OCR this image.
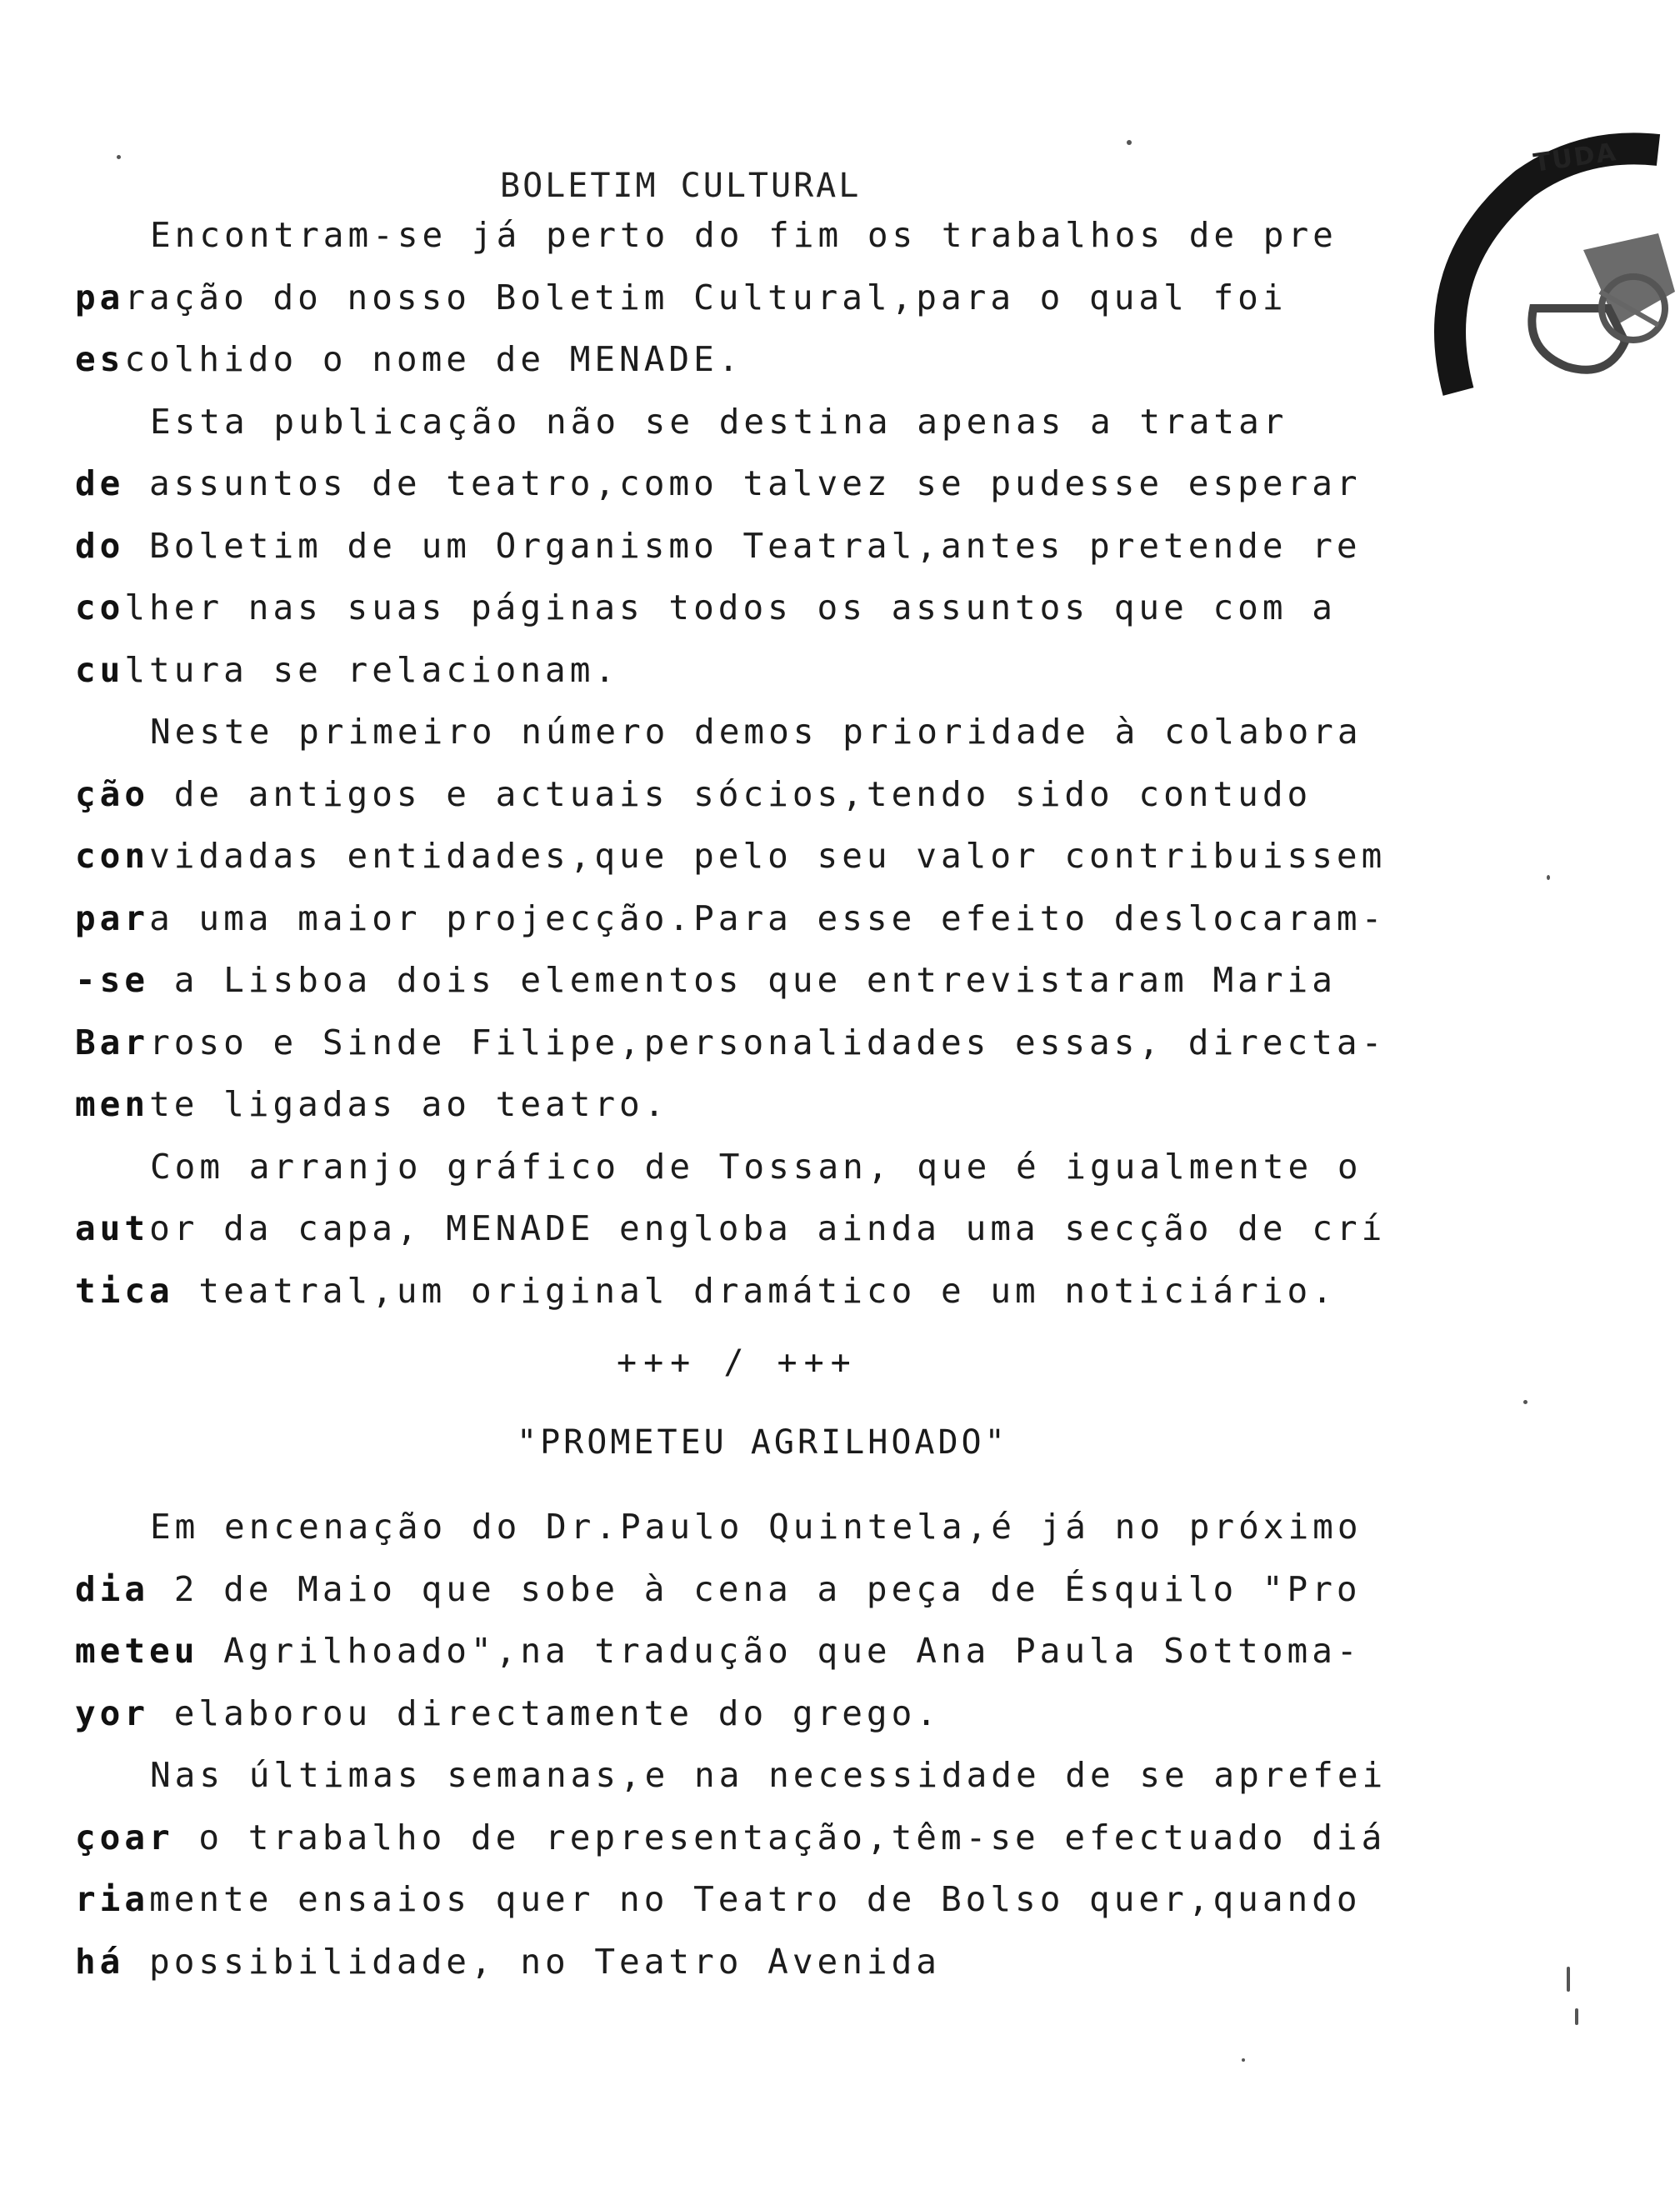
TUDA
BOLETIM CULTURAL
Encontram-se já perto do fim os trabalhos de pre
paração do nosso Boletim Cultural,para o qual foi
escolhido o nome de MENADE.
Esta publicação não se destina apenas a tratar
de assuntos de teatro,como talvez se pudesse esperar
do Boletim de um Organismo Teatral,antes pretende re
colher nas suas páginas todos os assuntos que com a
cultura se relacionam.
Neste primeiro número demos prioridade à colabora
ção de antigos e actuais sócios,tendo sido contudo
convidadas entidades,que pelo seu valor contribuissem
para uma maior projecção.Para esse efeito deslocaram-
-se a Lisboa dois elementos que entrevistaram Maria
Barroso e Sinde Filipe,personalidades essas, directa-
mente ligadas ao teatro.
Com arranjo gráfico de Tossan, que é igualmente o
autor da capa, MENADE engloba ainda uma secção de crí
tica teatral,um original dramático e um noticiário.
+++ / +++
"PROMETEU AGRILHOADO"
Em encenação do Dr.Paulo Quintela,é já no próximo
dia 2 de Maio que sobe à cena a peça de Ésquilo "Pro
meteu Agrilhoado",na tradução que Ana Paula Sottoma-
yor elaborou directamente do grego.
Nas últimas semanas,e na necessidade de se aprefei
çoar o trabalho de representação,têm-se efectuado diá
riamente ensaios quer no Teatro de Bolso quer,quando
há possibilidade, no Teatro Avenida
